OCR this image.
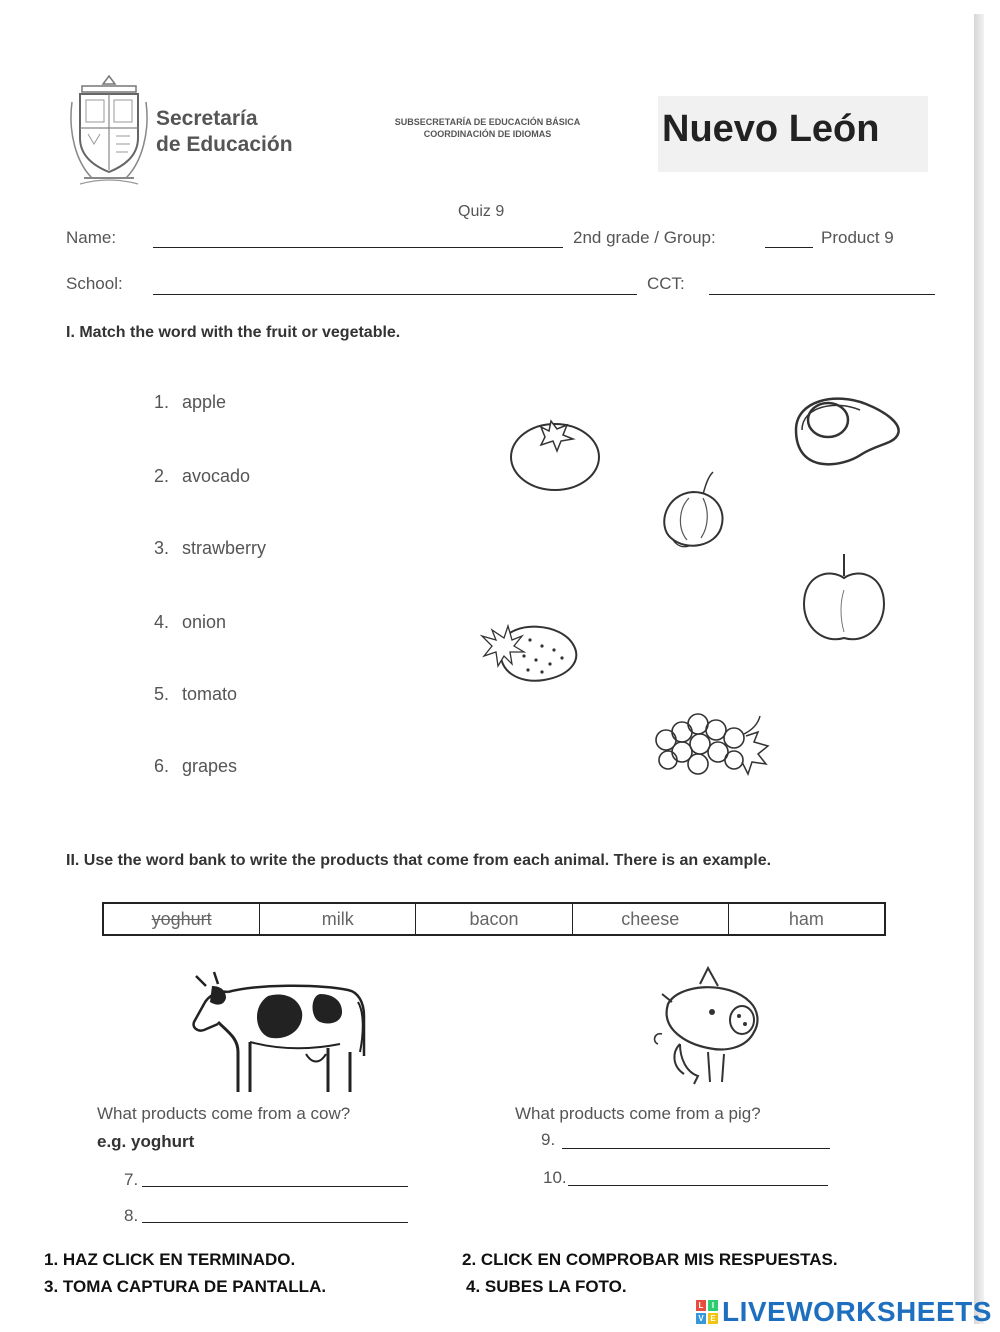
Secretaría
de Educación
SUBSECRETARÍA DE EDUCACIÓN BÁSICA
COORDINACIÓN DE IDIOMAS	Nuevo León
Quiz 9
Name:	2nd grade / Group:	Product 9
School:	CCT:
I. Match the word with the fruit or vegetable.
1. apple
2. avocado
3. strawberry
4. onion
5. tomato
6. grapes
II. Use the word bank to write the products that come from each animal. There is an example.
yoghurt	milk	bacon	cheese	ham
What products come from a cow?
e.g. yoghurt
7.
8.
What products come from a pig?
9.
10.
1. HAZ CLICK EN TERMINADO.	2. CLICK EN COMPROBAR MIS RESPUESTAS.
3. TOMA CAPTURA DE PANTALLA.	4. SUBES LA FOTO.
L	I
V E LIVEWORKSHEETS
